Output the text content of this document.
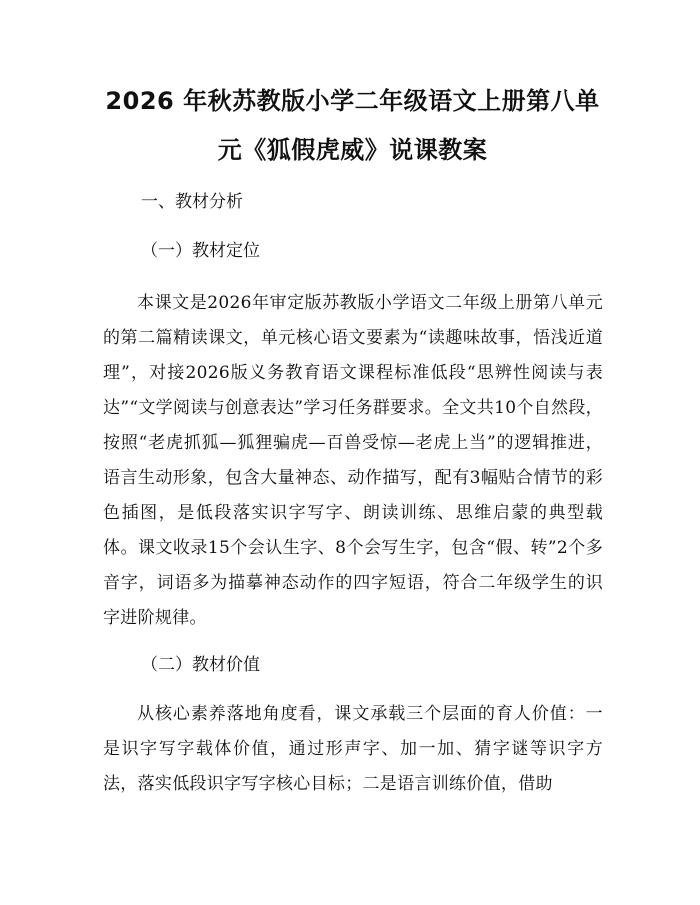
2026 年秋苏教版小学二年级语文上册第八单
元《狐假虎威》说课教案
一、教材分析
（一）教材定位

本课文是2026年审定版苏教版小学语文二年级上册第八单元的第二篇精读课文，单元核心语文要素为“读趣味故事，悟浅近道理”，对接2026版义务教育语文课程标准低段“思辨性阅读与表达”“文学阅读与创意表达”学习任务群要求。全文共10个自然段，按照“老虎抓狐—狐狸骗虎—百兽受惊—老虎上当”的逻辑推进，语言生动形象，包含大量神态、动作描写，配有3幅贴合情节的彩色插图，是低段落实识字写字、朗读训练、思维启蒙的典型载体。课文收录15个会认生字、8个会写生字，包含“假、转”2个多音字，词语多为描摹神态动作的四字短语，符合二年级学生的识字进阶规律。

（二）教材价值

从核心素养落地角度看，课文承载三个层面的育人价值：一是识字写字载体价值，通过形声字、加一加、猜字谜等识字方法，落实低段识字写字核心目标；二是语言训练价值，借助
